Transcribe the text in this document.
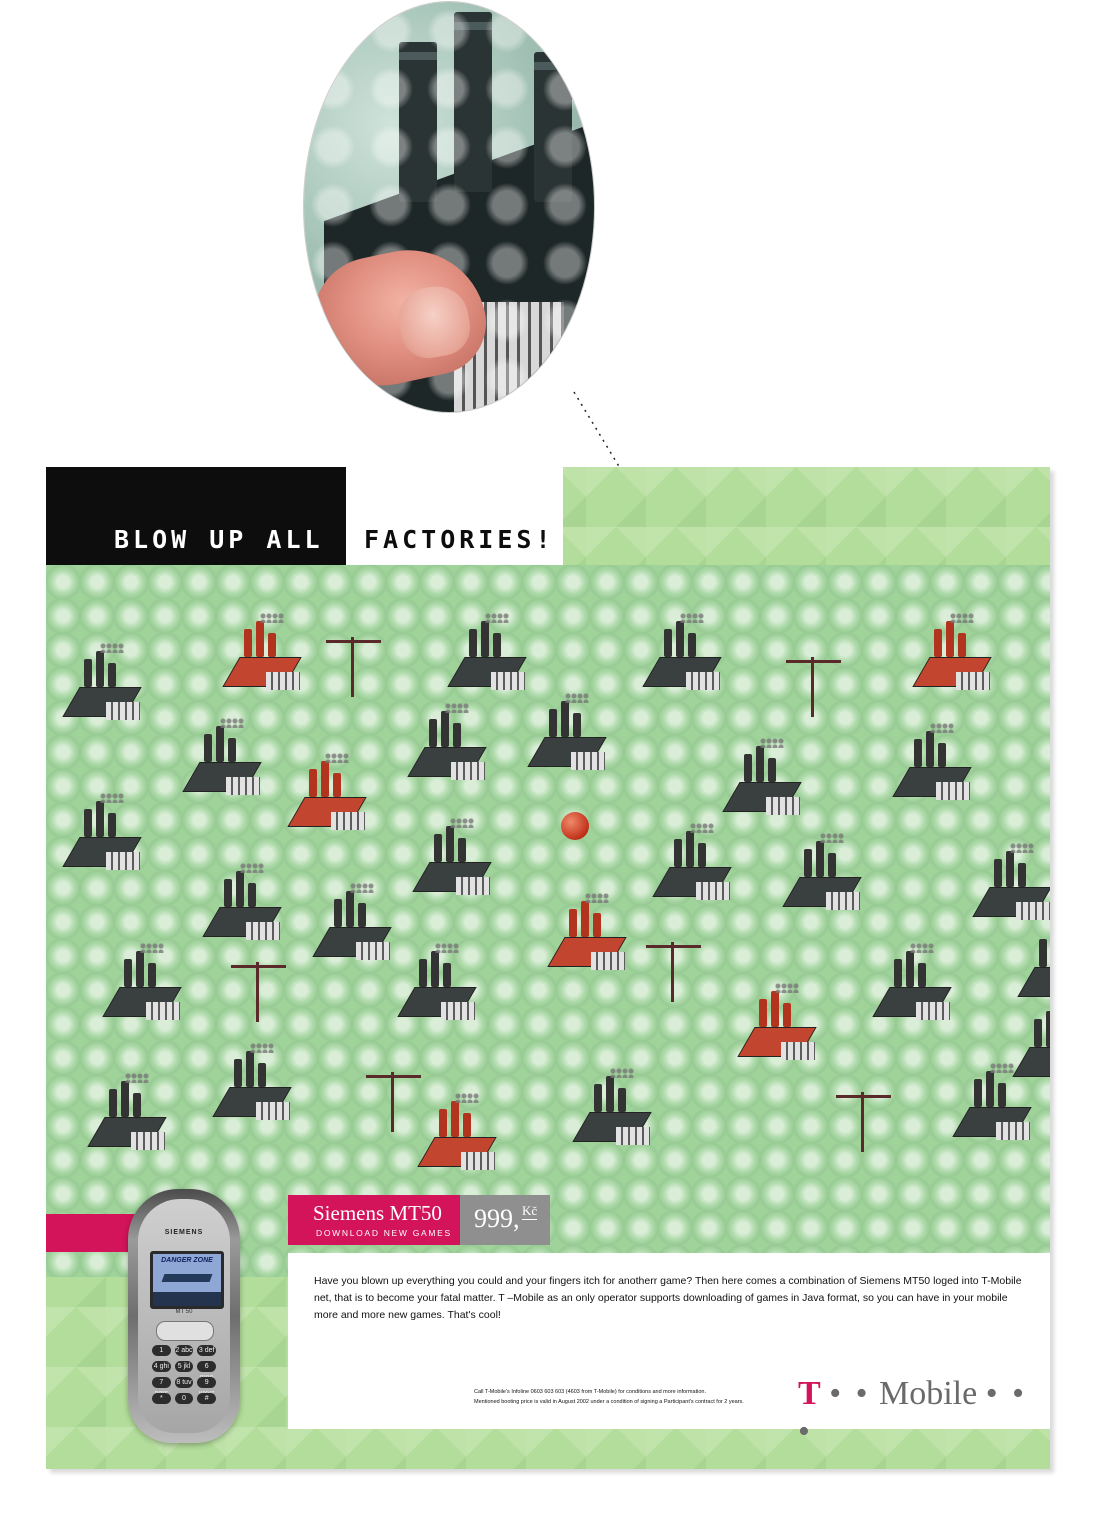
BLOW UP ALL FACTORIES!
Siemens MT50
DOWNLOAD NEW GAMES 999, Kč
Have you blown up everything you could and your fingers itch for anotherr game? Then here comes a combination of Siemens MT50 loged into T-Mobile net, that is to become your fatal matter. T –Mobile as an only operator supports downloading of games in Java format, so you can have in your mobile more and more new games. That's cool!
Call T-Mobile's Infoline 0603 603 603 (4603 from T-Mobile) for conditions and more information.
Mentioned booting price is valid in August 2002 under a condition of signing a Participant's contract for 2 years.	T • • Mobile • • •
SIEMENS
DANGER ZONE
MT 50
1	2 abc 3 def
4 ghi	5 jkl	6
7	8 tuv	9
*	0	#
